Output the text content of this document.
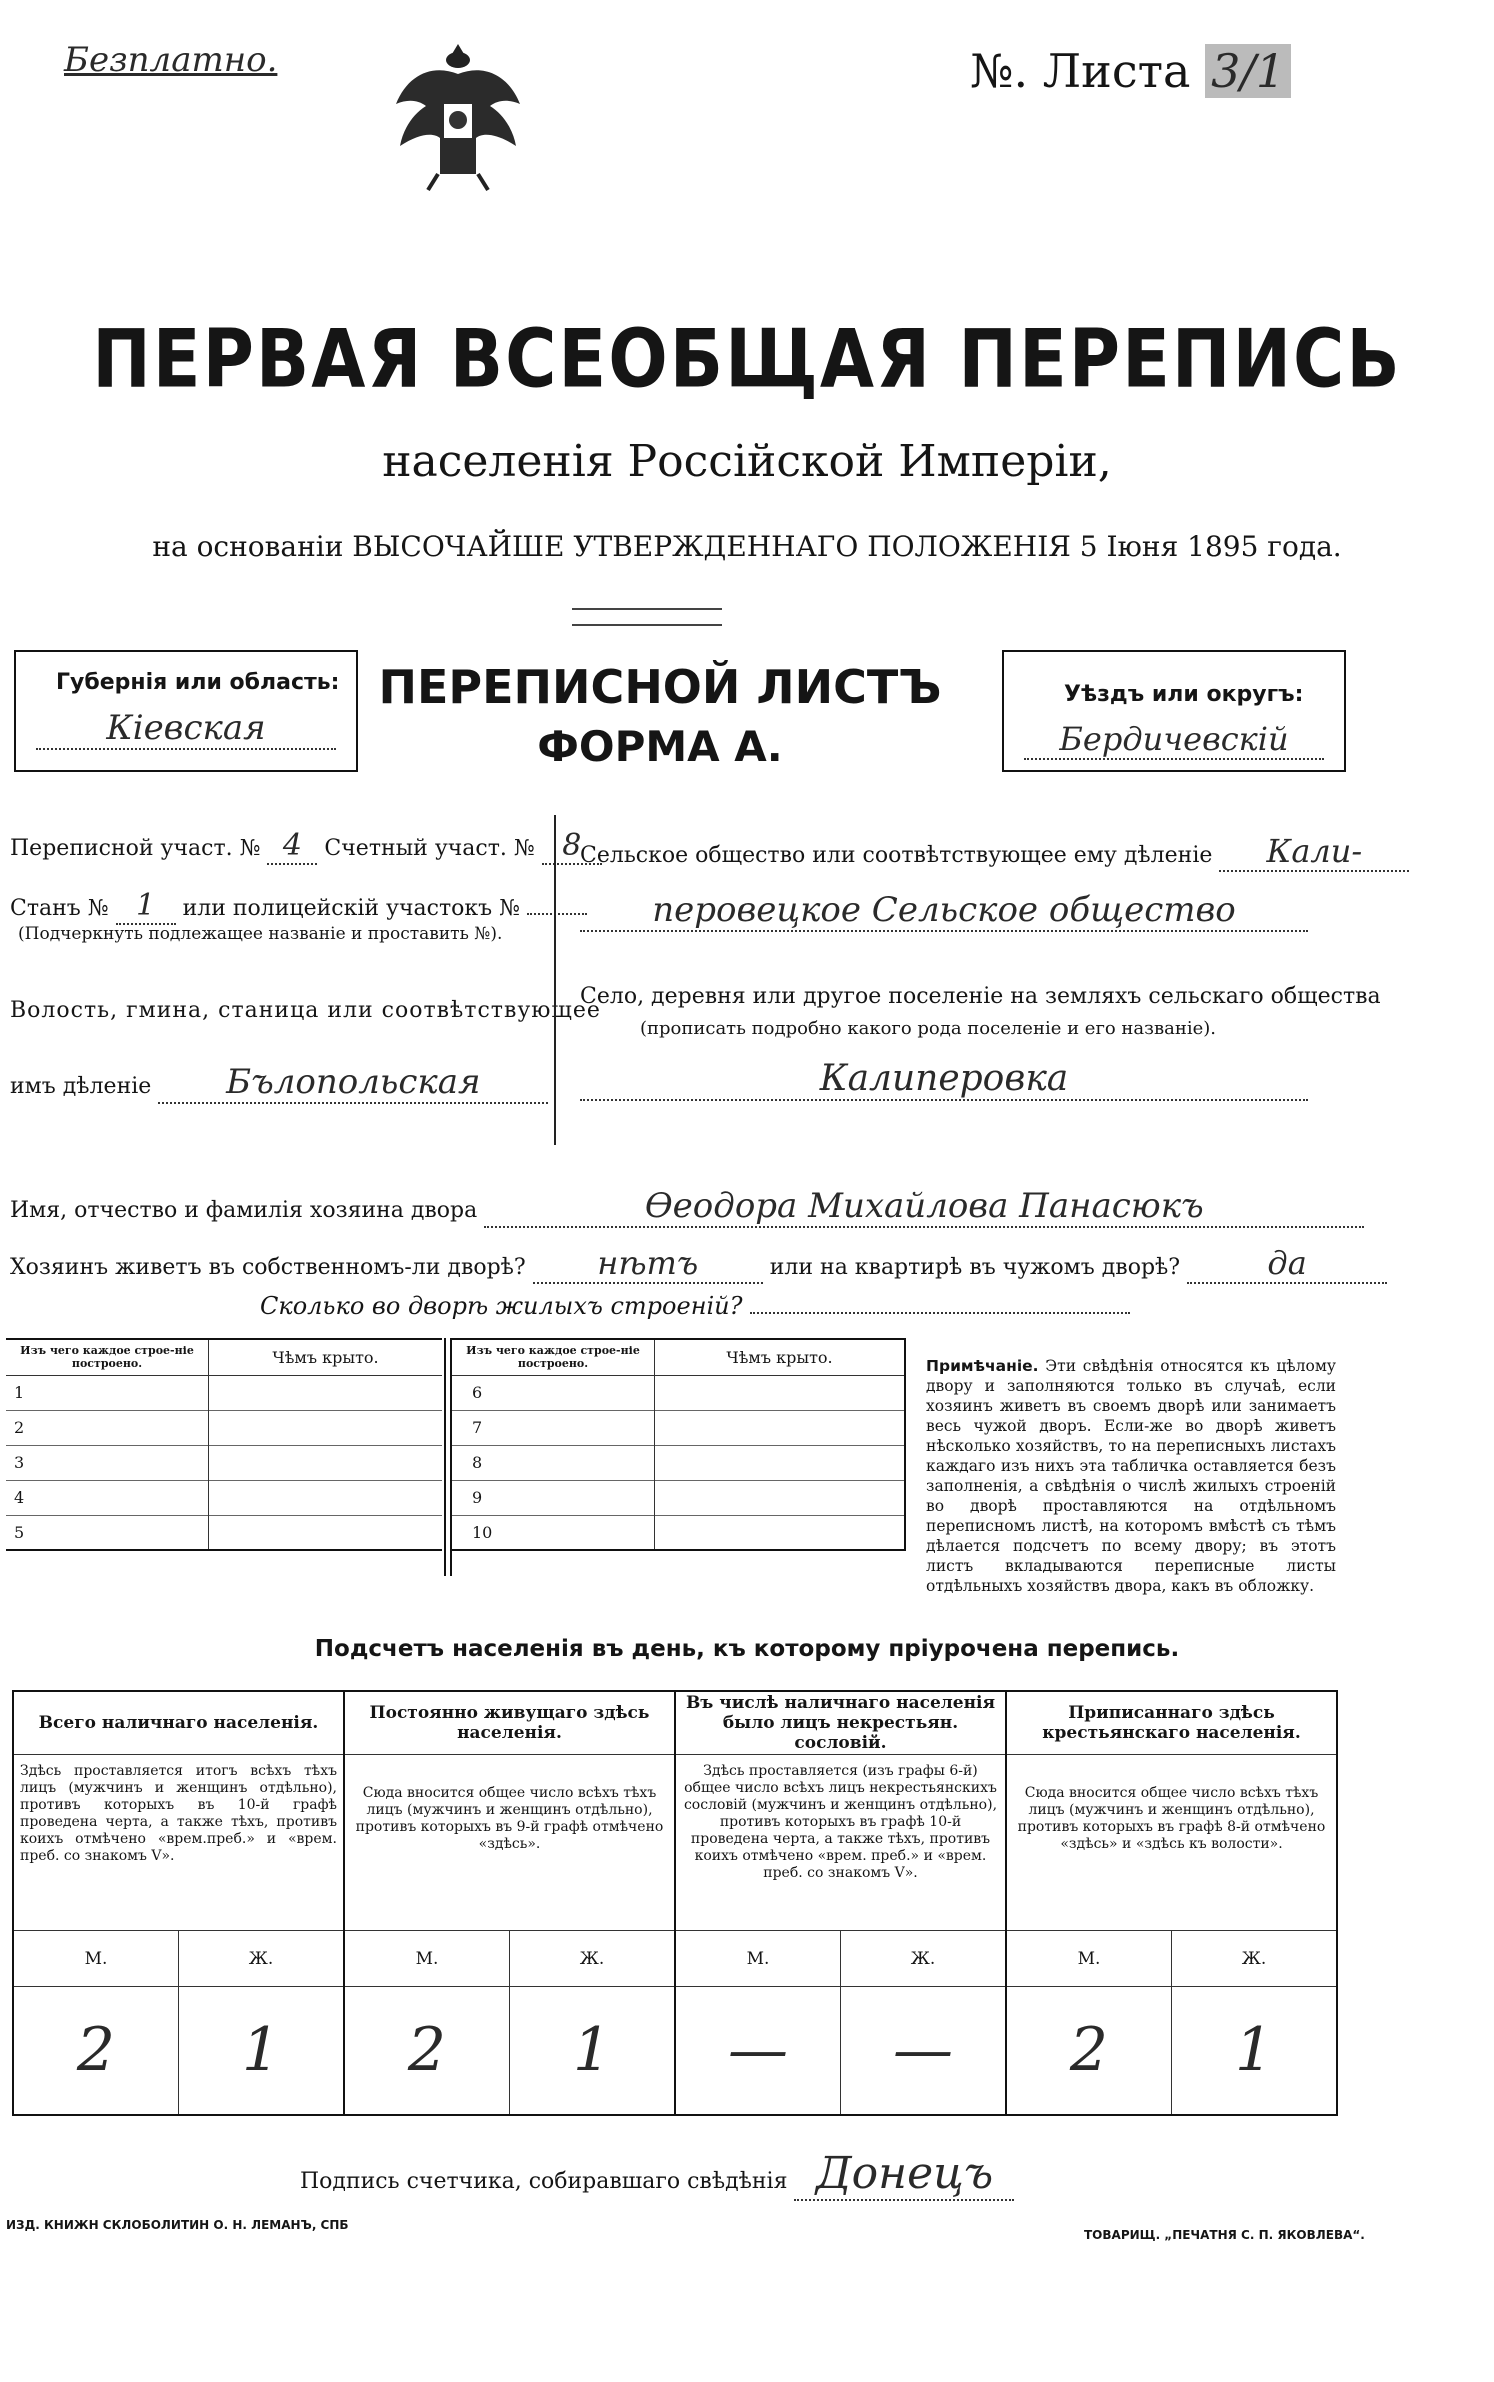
Безплатно.	№. Листа 3/1
ПЕРВАЯ ВСЕОБЩАЯ ПЕРЕПИСЬ
населенія Россійской Имперіи,
на основаніи ВЫСОЧАЙШЕ УТВЕРЖДЕННАГО ПОЛОЖЕНІЯ 5 Іюня 1895 года.
Губернія или область:
Кіевская
ПЕРЕПИСНОЙ ЛИСТЪ
ФОРМА А.
Уѣздъ или округъ:
Бердичевскій
Переписной участ. № 4 Счетный участ. № 8
Станъ № 1 или полицейскій участокъ №
(Подчеркнуть подлежащее названіе и проставить №).
Волость, гмина, станица или соотвѣтствующее
имъ дѣленіе Бълопольская
Сельское общество или соотвѣтствующее ему дѣленіе Кали-
перовецкое Сельское общество
Село, деревня или другое поселеніе на земляхъ сельскаго общества
(прописать подробно какого рода поселеніе и его названіе).
Калиперовка
Имя, отчество и фамилія хозяина двора	Өеодора Михайлова Панасюкъ
Хозяинъ живетъ въ собственномъ-ли дворѣ? нѣтъ	или на квартирѣ въ чужомъ дворѣ?	да
Сколько во дворѣ жилыхъ строеній?
Изъ чего каждое строе-ніе построено.	Чѣмъ крыто.
1	
2	
3	
4	
5	
Изъ чего каждое строе-ніе построено.	Чѣмъ крыто.
6	
7	
8	
9	
10	
Примѣчаніе. Эти свѣдѣнія относятся къ цѣлому двору и заполняются только въ случаѣ, если хозяинъ живетъ въ своемъ дворѣ или занимаетъ весь чужой дворъ. Если-же во дворѣ живетъ нѣсколько хозяйствъ, то на переписныхъ листахъ каждаго изъ нихъ эта табличка оставляется безъ заполненія, а свѣдѣнія о числѣ жилыхъ строеній во дворѣ проставляются на отдѣльномъ переписномъ листѣ, на которомъ вмѣстѣ съ тѣмъ дѣлается подсчетъ по всему двору; въ этотъ листъ вкладываются переписные листы отдѣльныхъ хозяйствъ двора, какъ въ обложку.
Подсчетъ населенія въ день, къ которому пріурочена перепись.
Всего наличнаго населенія.		Постоянно живущаго здѣсь населенія.		Въ числѣ наличнаго населенія было лицъ некрестьян. сословій.		Приписаннаго здѣсь крестьянскаго населенія.	
Здѣсь проставляется итогъ всѣхъ тѣхъ лицъ (мужчинъ и женщинъ отдѣльно), противъ которыхъ въ 10-й графѣ проведена черта, а также тѣхъ, противъ коихъ отмѣчено «врем.преб.» и «врем. преб. со знакомъ V».		Сюда вносится общее число всѣхъ тѣхъ лицъ (мужчинъ и женщинъ отдѣльно), противъ которыхъ въ 9-й графѣ отмѣчено «здѣсь».		Здѣсь проставляется (изъ графы 6-й) общее число всѣхъ лицъ некрестьянскихъ сословій (мужчинъ и женщинъ отдѣльно), противъ которыхъ въ графѣ 10-й проведена черта, а также тѣхъ, противъ коихъ отмѣчено «врем. преб.» и «врем. преб. со знакомъ V».		Сюда вносится общее число всѣхъ тѣхъ лицъ (мужчинъ и женщинъ отдѣльно), противъ которыхъ въ графѣ 8-й отмѣчено «здѣсь» и «здѣсь къ волости».	
М.	Ж.	М.	Ж.	М.	Ж.	М.	Ж.
2	1	2	1	—	—	2	1
Подпись счетчика, собиравшаго свѣдѣнія Донецъ
ИЗД. КНИЖН СКЛОБОЛИТИН О. Н. ЛЕМАНЪ, СПБ
ТОВАРИЩ. „ПЕЧАТНЯ С. П. ЯКОВЛЕВА“.
